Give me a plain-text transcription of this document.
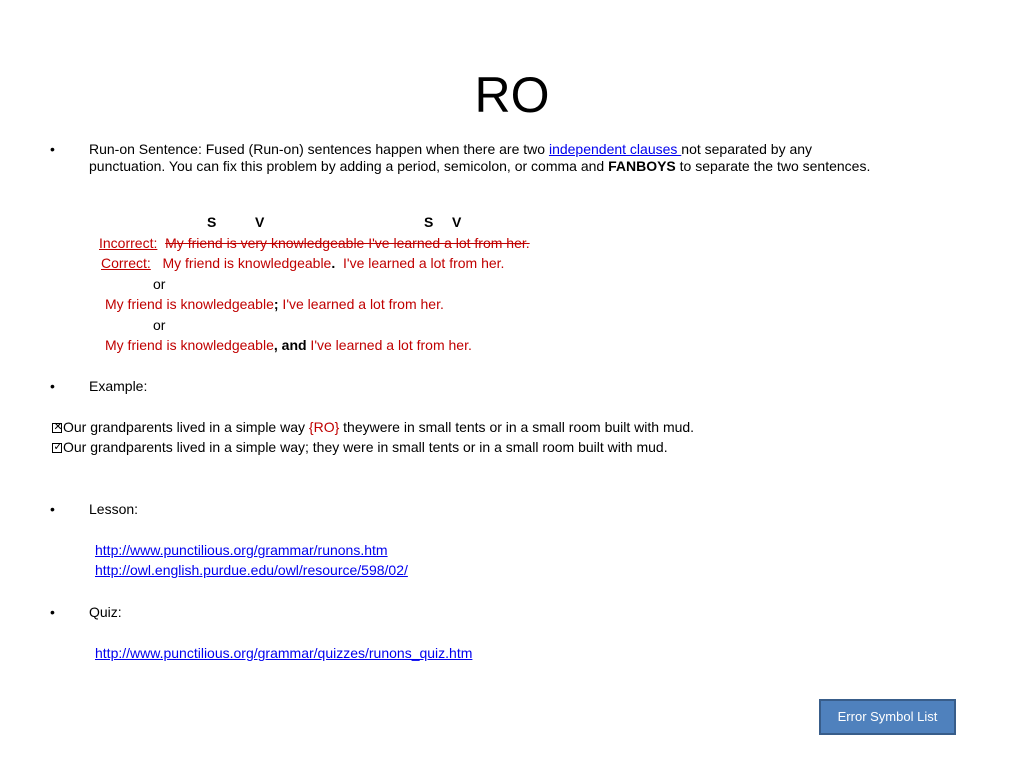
RO
• Run-on Sentence: Fused (Run-on) sentences happen when there are two independent clauses not separated by any punctuation. You can fix this problem by adding a period, semicolon, or comma and FANBOYS to separate the two sentences.
S	V	S V
Incorrect: My friend is very knowledgeable I've learned a lot from her.
Correct: My friend is knowledgeable. I've learned a lot from her.
or
My friend is knowledgeable; I've learned a lot from her.
or
My friend is knowledgeable, and I've learned a lot from her.
• Example:
✕ Our grandparents lived in a simple way {RO} theywere in small tents or in a small room built with mud.
✓ Our grandparents lived in a simple way; they were in small tents or in a small room built with mud.
• Lesson:
http://www.punctilious.org/grammar/runons.htm
http://owl.english.purdue.edu/owl/resource/598/02/
• Quiz:
http://www.punctilious.org/grammar/quizzes/runons_quiz.htm
Error Symbol List
